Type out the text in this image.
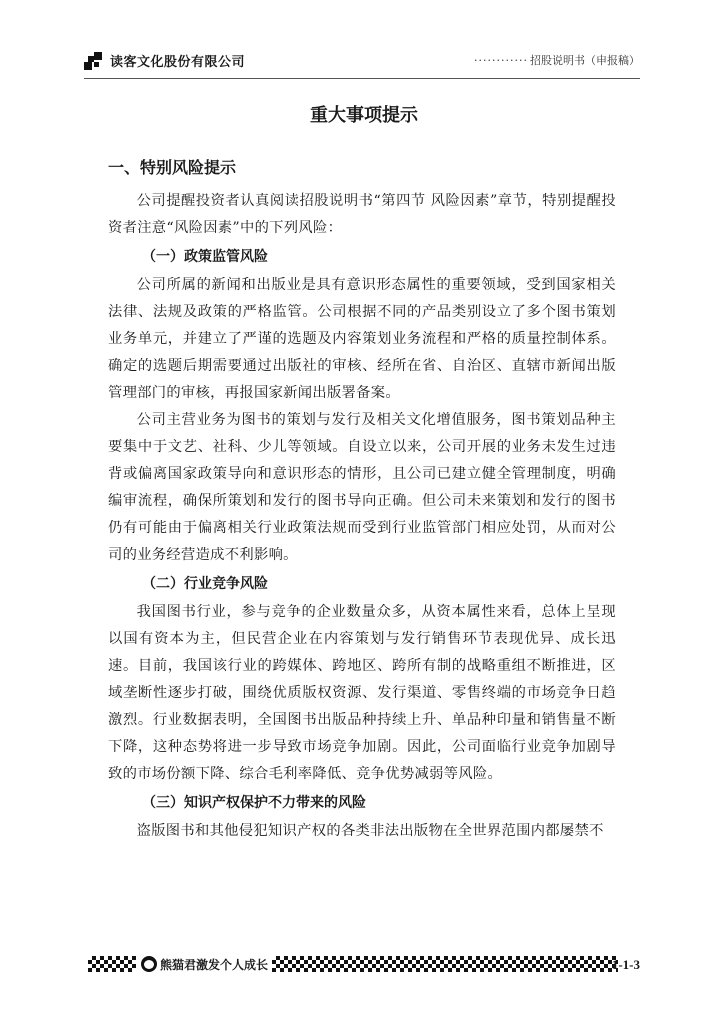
读客文化股份有限公司	············ 招股说明书（申报稿）
重大事项提示
一、特别风险提示

公司提醒投资者认真阅读招股说明书“第四节 风险因素”章节，特别提醒投资者注意“风险因素”中的下列风险：

（一）政策监管风险

公司所属的新闻和出版业是具有意识形态属性的重要领域，受到国家相关法律、法规及政策的严格监管。公司根据不同的产品类别设立了多个图书策划业务单元，并建立了严谨的选题及内容策划业务流程和严格的质量控制体系。确定的选题后期需要通过出版社的审核、经所在省、自治区、直辖市新闻出版管理部门的审核，再报国家新闻出版署备案。

公司主营业务为图书的策划与发行及相关文化增值服务，图书策划品种主要集中于文艺、社科、少儿等领域。自设立以来，公司开展的业务未发生过违背或偏离国家政策导向和意识形态的情形，且公司已建立健全管理制度，明确编审流程，确保所策划和发行的图书导向正确。但公司未来策划和发行的图书仍有可能由于偏离相关行业政策法规而受到行业监管部门相应处罚，从而对公司的业务经营造成不利影响。

（二）行业竞争风险

我国图书行业，参与竞争的企业数量众多，从资本属性来看，总体上呈现以国有资本为主，但民营企业在内容策划与发行销售环节表现优异、成长迅速。目前，我国该行业的跨媒体、跨地区、跨所有制的战略重组不断推进，区域垄断性逐步打破，围绕优质版权资源、发行渠道、零售终端的市场竞争日趋激烈。行业数据表明，全国图书出版品种持续上升、单品种印量和销售量不断下降，这种态势将进一步导致市场竞争加剧。因此，公司面临行业竞争加剧导致的市场份额下降、综合毛利率降低、竞争优势减弱等风险。

（三）知识产权保护不力带来的风险

盗版图书和其他侵犯知识产权的各类非法出版物在全世界范围内都屡禁不

熊猫君激发个人成长	1-1-3
